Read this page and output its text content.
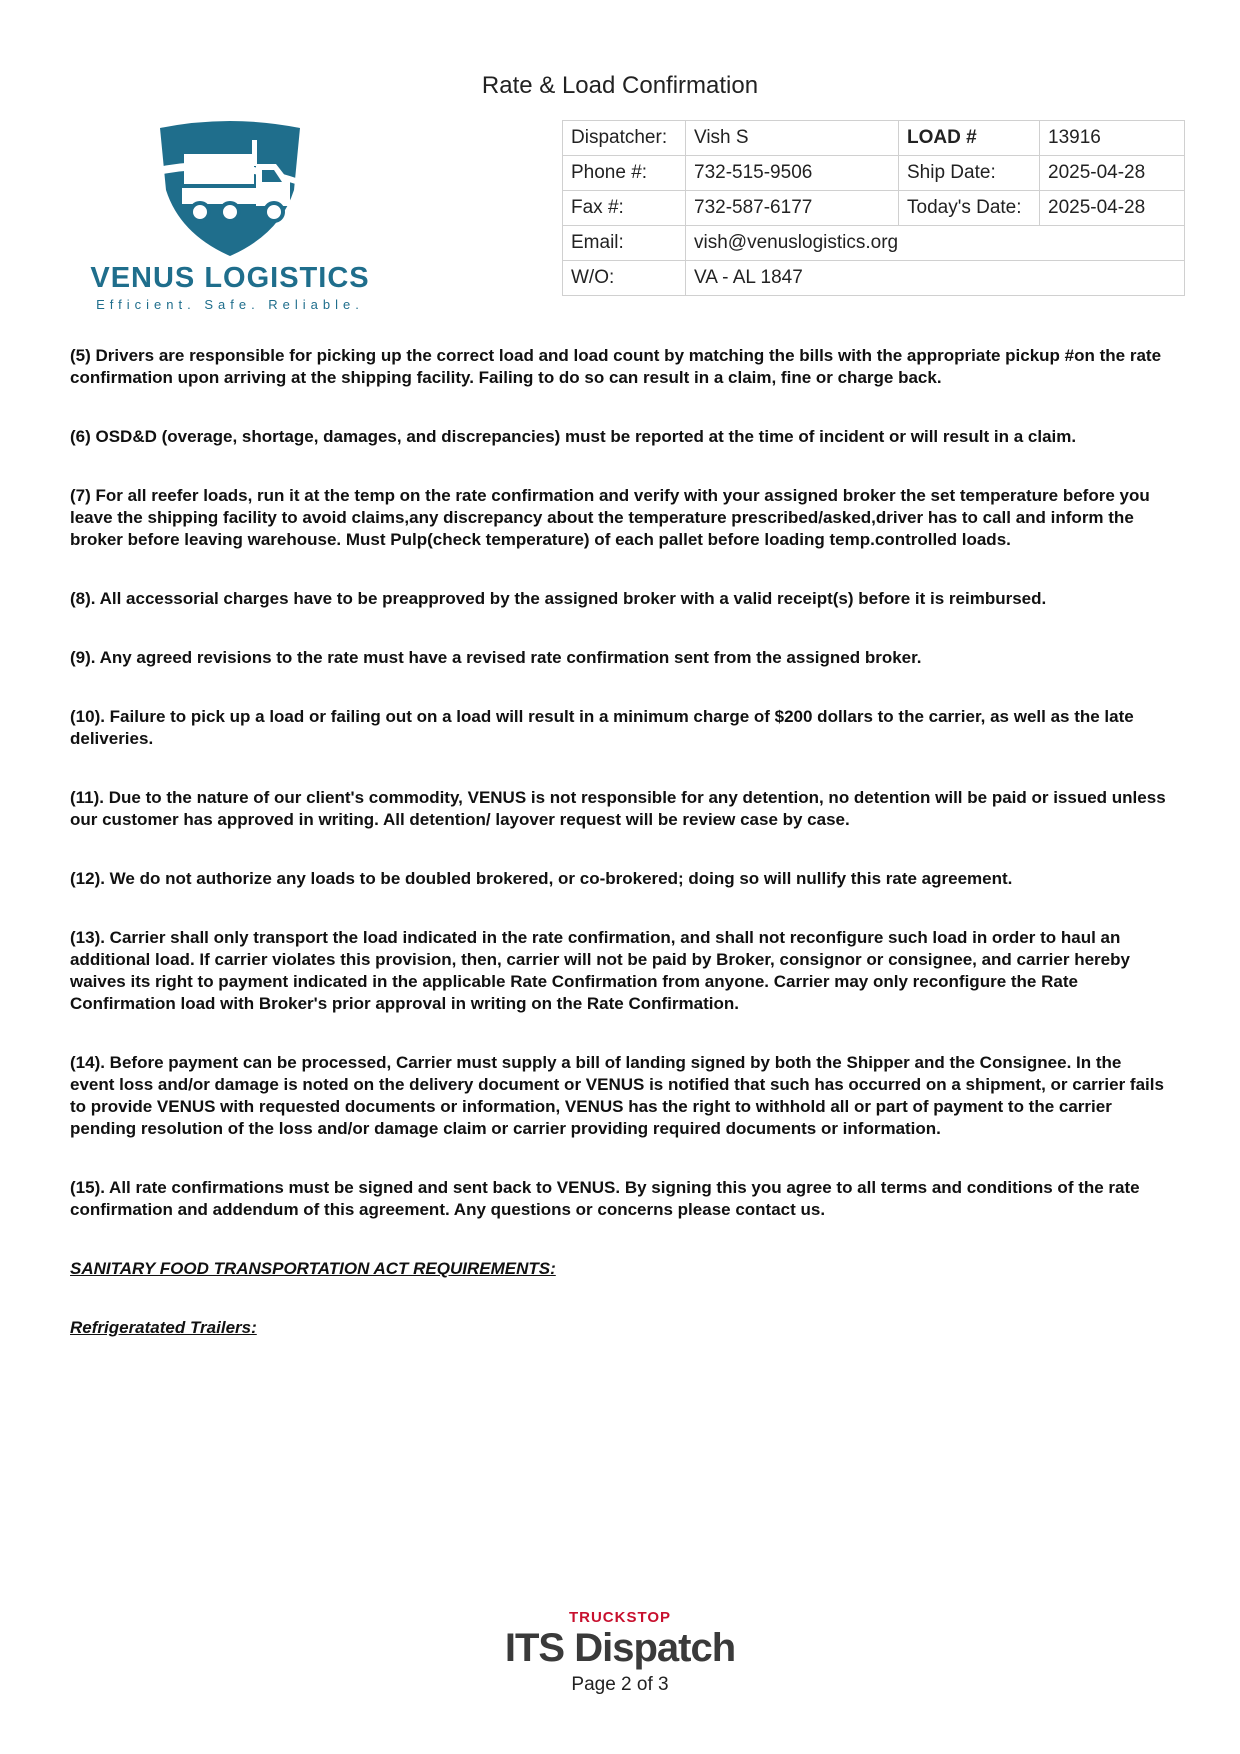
Rate & Load Confirmation
VENUS LOGISTICS
Efficient. Safe. Reliable.
Dispatcher:	Vish S	LOAD #	13916
Phone #:	732-515-9506	Ship Date:	2025-04-28
Fax #:	732-587-6177	Today's Date:	2025-04-28
Email:	vish@venuslogistics.org		
W/O:	VA - AL 1847		

(5) Drivers are responsible for picking up the correct load and load count by matching the bills with the appropriate pickup #on the rate confirmation upon arriving at the shipping facility. Failing to do so can result in a claim, fine or charge back.

(6) OSD&D (overage, shortage, damages, and discrepancies) must be reported at the time of incident or will result in a claim.

(7) For all reefer loads, run it at the temp on the rate confirmation and verify with your assigned broker the set temperature before you leave the shipping facility to avoid claims,any discrepancy about the temperature prescribed/asked,driver has to call and inform the broker before leaving warehouse. Must Pulp(check temperature) of each pallet before loading temp.controlled loads.

(8). All accessorial charges have to be preapproved by the assigned broker with a valid receipt(s) before it is reimbursed.

(9). Any agreed revisions to the rate must have a revised rate confirmation sent from the assigned broker.

(10). Failure to pick up a load or failing out on a load will result in a minimum charge of $200 dollars to the carrier, as well as the late deliveries.

(11). Due to the nature of our client's commodity, VENUS is not responsible for any detention, no detention will be paid or issued unless our customer has approved in writing. All detention/ layover request will be review case by case.

(12). We do not authorize any loads to be doubled brokered, or co-brokered; doing so will nullify this rate agreement.

(13). Carrier shall only transport the load indicated in the rate confirmation, and shall not reconfigure such load in order to haul an additional load. If carrier violates this provision, then, carrier will not be paid by Broker, consignor or consignee, and carrier hereby waives its right to payment indicated in the applicable Rate Confirmation from anyone. Carrier may only reconfigure the Rate Confirmation load with Broker's prior approval in writing on the Rate Confirmation.

(14). Before payment can be processed, Carrier must supply a bill of landing signed by both the Shipper and the Consignee. In the event loss and/or damage is noted on the delivery document or VENUS is notified that such has occurred on a shipment, or carrier fails to provide VENUS with requested documents or information, VENUS has the right to withhold all or part of payment to the carrier pending resolution of the loss and/or damage claim or carrier providing required documents or information.

(15). All rate confirmations must be signed and sent back to VENUS. By signing this you agree to all terms and conditions of the rate confirmation and addendum of this agreement. Any questions or concerns please contact us.

SANITARY FOOD TRANSPORTATION ACT REQUIREMENTS:

Refrigeratated Trailers:

TRUCKSTOP
ITS Dispatch
Page 2 of 3
